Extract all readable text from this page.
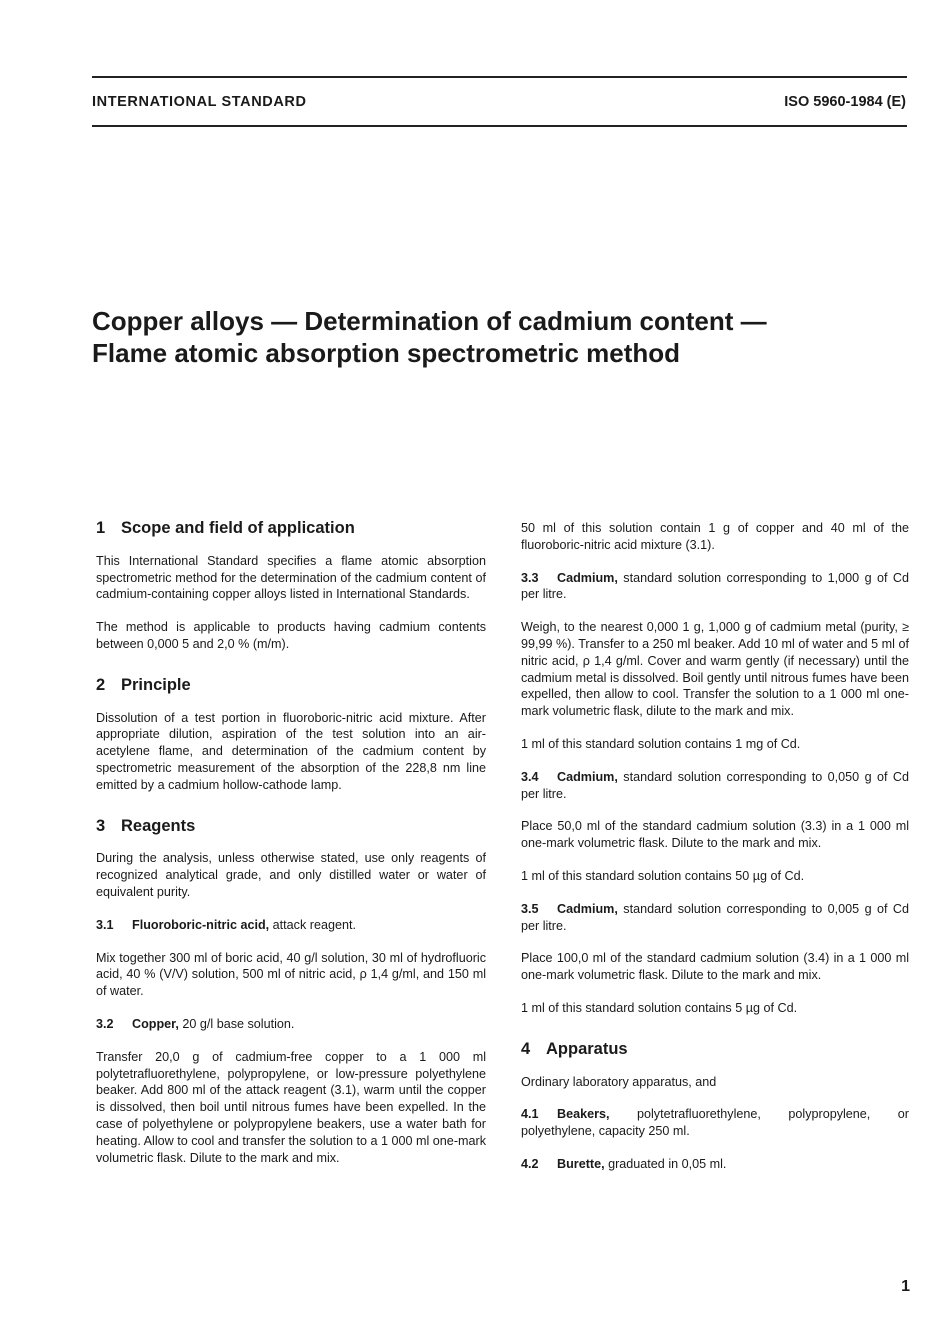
INTERNATIONAL STANDARD	ISO 5960-1984 (E)
Copper alloys — Determination of cadmium content —
Flame atomic absorption spectrometric method
1 Scope and field of application

This International Standard specifies a flame atomic absorption spectrometric method for the determination of the cadmium content of cadmium-containing copper alloys listed in International Standards.

The method is applicable to products having cadmium contents between 0,000 5 and 2,0 % (m/m).

2 Principle

Dissolution of a test portion in fluoroboric-nitric acid mixture. After appropriate dilution, aspiration of the test solution into an air-acetylene flame, and determination of the cadmium content by spectrometric measurement of the absorption of the 228,8 nm line emitted by a cadmium hollow-cathode lamp.

3 Reagents

During the analysis, unless otherwise stated, use only reagents of recognized analytical grade, and only distilled water or water of equivalent purity.

3.1 Fluoroboric-nitric acid, attack reagent.

Mix together 300 ml of boric acid, 40 g/l solution, 30 ml of hydrofluoric acid, 40 % (V/V) solution, 500 ml of nitric acid, ρ 1,4 g/ml, and 150 ml of water.

3.2 Copper, 20 g/l base solution.

Transfer 20,0 g of cadmium-free copper to a 1 000 ml polytetrafluorethylene, polypropylene, or low-pressure polyethylene beaker. Add 800 ml of the attack reagent (3.1), warm until the copper is dissolved, then boil until nitrous fumes have been expelled. In the case of polyethylene or polypropylene beakers, use a water bath for heating. Allow to cool and transfer the solution to a 1 000 ml one-mark volumetric flask. Dilute to the mark and mix.

50 ml of this solution contain 1 g of copper and 40 ml of the fluoroboric-nitric acid mixture (3.1).

3.3 Cadmium, standard solution corresponding to 1,000 g of Cd per litre.

Weigh, to the nearest 0,000 1 g, 1,000 g of cadmium metal (purity, ≥ 99,99 %). Transfer to a 250 ml beaker. Add 10 ml of water and 5 ml of nitric acid, ρ 1,4 g/ml. Cover and warm gently (if necessary) until the cadmium metal is dissolved. Boil gently until nitrous fumes have been expelled, then allow to cool. Transfer the solution to a 1 000 ml one-mark volumetric flask, dilute to the mark and mix.

1 ml of this standard solution contains 1 mg of Cd.

3.4 Cadmium, standard solution corresponding to 0,050 g of Cd per litre.

Place 50,0 ml of the standard cadmium solution (3.3) in a 1 000 ml one-mark volumetric flask. Dilute to the mark and mix.

1 ml of this standard solution contains 50 µg of Cd.

3.5 Cadmium, standard solution corresponding to 0,005 g of Cd per litre.

Place 100,0 ml of the standard cadmium solution (3.4) in a 1 000 ml one-mark volumetric flask. Dilute to the mark and mix.

1 ml of this standard solution contains 5 µg of Cd.

4 Apparatus

Ordinary laboratory apparatus, and

4.1 Beakers, polytetrafluorethylene, polypropylene, or polyethylene, capacity 250 ml.
4.2 Burette, graduated in 0,05 ml.
1
